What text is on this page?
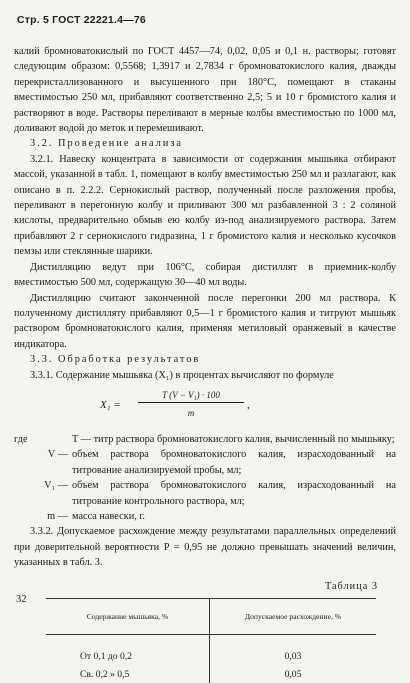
Стр. 5 ГОСТ 22221.4—76

калий бромноватокислый по ГОСТ 4457—74, 0,02, 0,05 и 0,1 н. растворы; готовят следующим образом: 0,5568; 1,3917 и 2,7834 г бромноватокислого калия, дважды перекристаллизованного и высушенного при 180°С, помещают в стаканы вместимостью 250 мл, прибавляют соответственно 2,5; 5 и 10 г бромистого калия и растворяют в воде. Растворы переливают в мерные колбы вместимостью по 1000 мл, доливают водой до меток и перемешивают.

3.2. Проведение анализа

3.2.1. Навеску концентрата в зависимости от содержания мышьяка отбирают массой, указанной в табл. 1, помещают в колбу вместимостью 250 мл и разлагают, как описано в п. 2.2.2. Сернокислый раствор, полученный после разложения пробы, переливают в перегонную колбу и приливают 300 мл разбавленной 3 : 2 соляной кислоты, предварительно обмыв ею колбу из-под анализируемого раствора. Затем прибавляют 2 г сернокислого гидразина, 1 г бромистого калия и несколько кусочков пемзы или стеклянные шарики.

Дистилляцию ведут при 106°С, собирая дистиллят в приемник-колбу вместимостью 500 мл, содержащую 30—40 мл воды.

Дистилляцию считают законченной после перегонки 200 мл раствора. К полученному дистилляту прибавляют 0,5—1 г бромистого калия и титруют мышьяк раствором бромноватокислого калия, применяя метиловый оранжевый в качестве индикатора.

3.3. Обработка результатов

3.3.1. Содержание мышьяка (X₁) в процентах вычисляют по формуле

X₁ =
T (V − V₁) · 100
m
,
где	T — титр раствора бромноватокислого калия, вычисленный по мышьяку;
V — объем раствора бромноватокислого калия, израсходованный на титрование анализируемой пробы, мл;
V₁ — объем раствора бромноватокислого калия, израсходованный на титрование контрольного раствора, мл;
m — масса навески, г.

3.3.2. Допускаемое расхождение между результатами параллельных определений при доверительной вероятности P = 0,95 не должно превышать значений величин, указанных в табл. 3.

Таблица 3
Содержание мышьяка, %	Допускаемое расхождение, %
От 0,1 до 0,2	0,03
Св. 0,2 » 0,5	0,05
32
